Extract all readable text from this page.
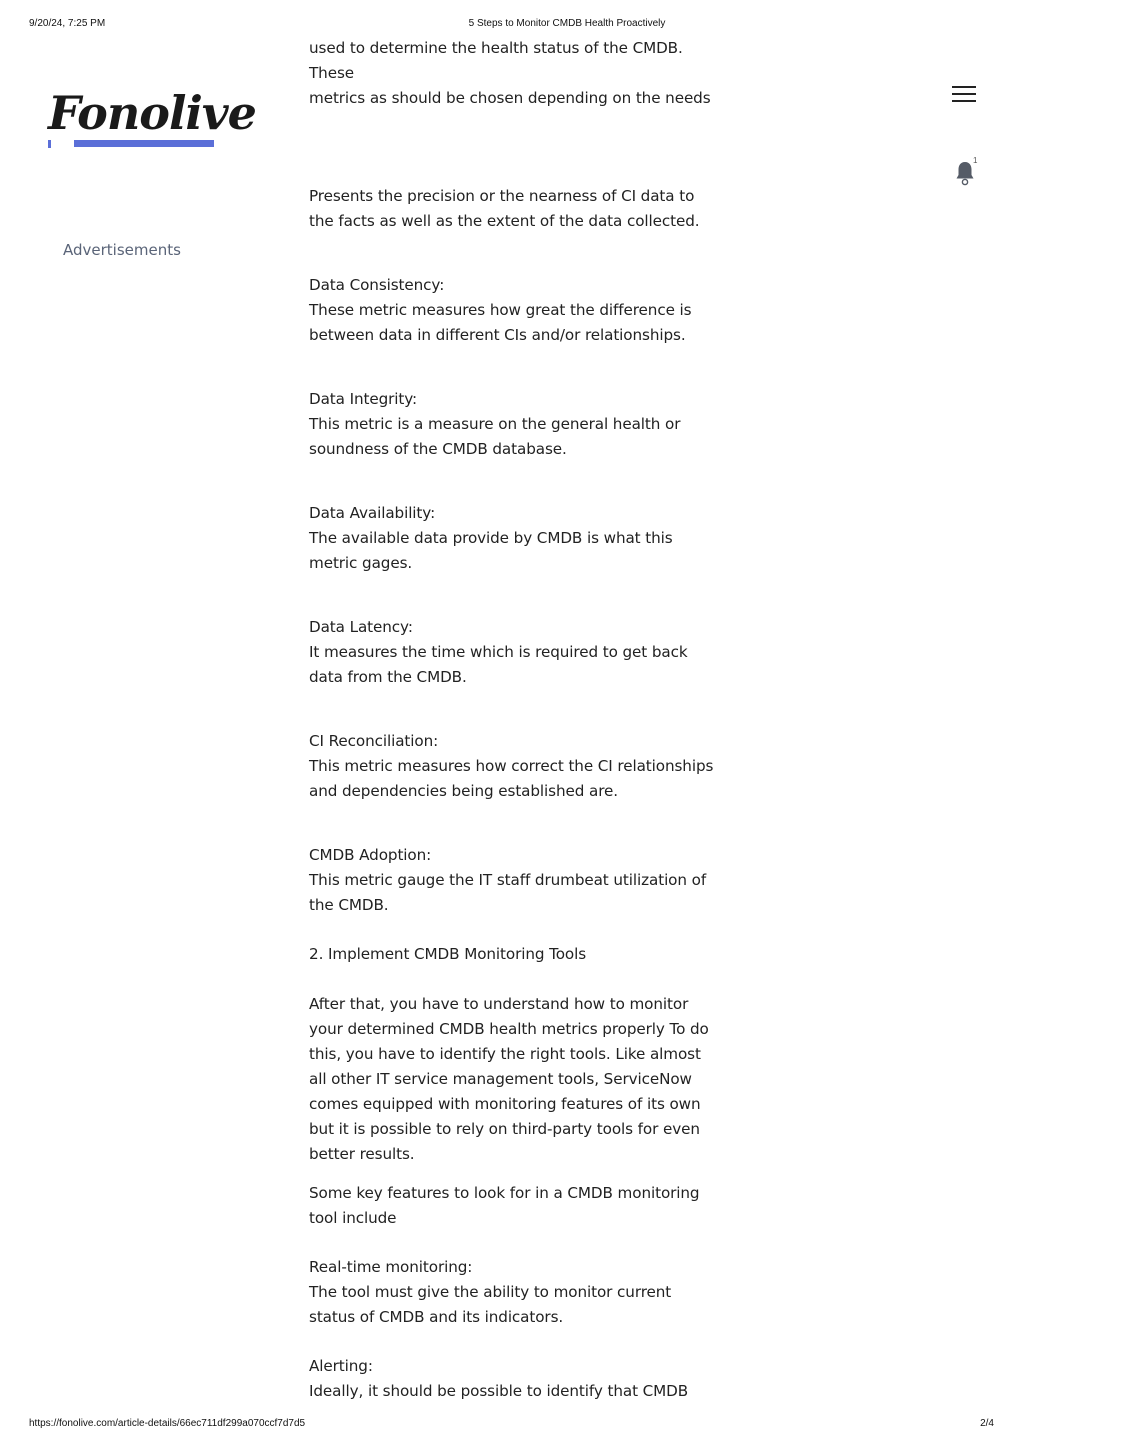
9/20/24, 7:25 PM	5 Steps to Monitor CMDB Health Proactively
Fonolive
Advertisements
1

used to determine the health status of the CMDB. These

metrics as should be chosen depending on the needs

Presents the precision or the nearness of CI data to the facts as well as the extent of the data collected.

Data Consistency:

These metric measures how great the difference is between data in different CIs and/or relationships.

Data Integrity:

This metric is a measure on the general health or soundness of the CMDB database.

Data Availability:

The available data provide by CMDB is what this metric gages.

Data Latency:

It measures the time which is required to get back data from the CMDB.

CI Reconciliation:

This metric measures how correct the CI relationships and dependencies being established are.

CMDB Adoption:

This metric gauge the IT staff drumbeat utilization of the CMDB.

2. Implement CMDB Monitoring Tools

After that, you have to understand how to monitor your determined CMDB health metrics properly To do this, you have to identify the right tools. Like almost all other IT service management tools, ServiceNow comes equipped with monitoring features of its own but it is possible to rely on third-party tools for even better results.

Some key features to look for in a CMDB monitoring tool include

Real-time monitoring:

The tool must give the ability to monitor current status of CMDB and its indicators.

Alerting:

Ideally, it should be possible to identify that CMDB

https://fonolive.com/article-details/66ec711df299a070ccf7d7d5	2/4
